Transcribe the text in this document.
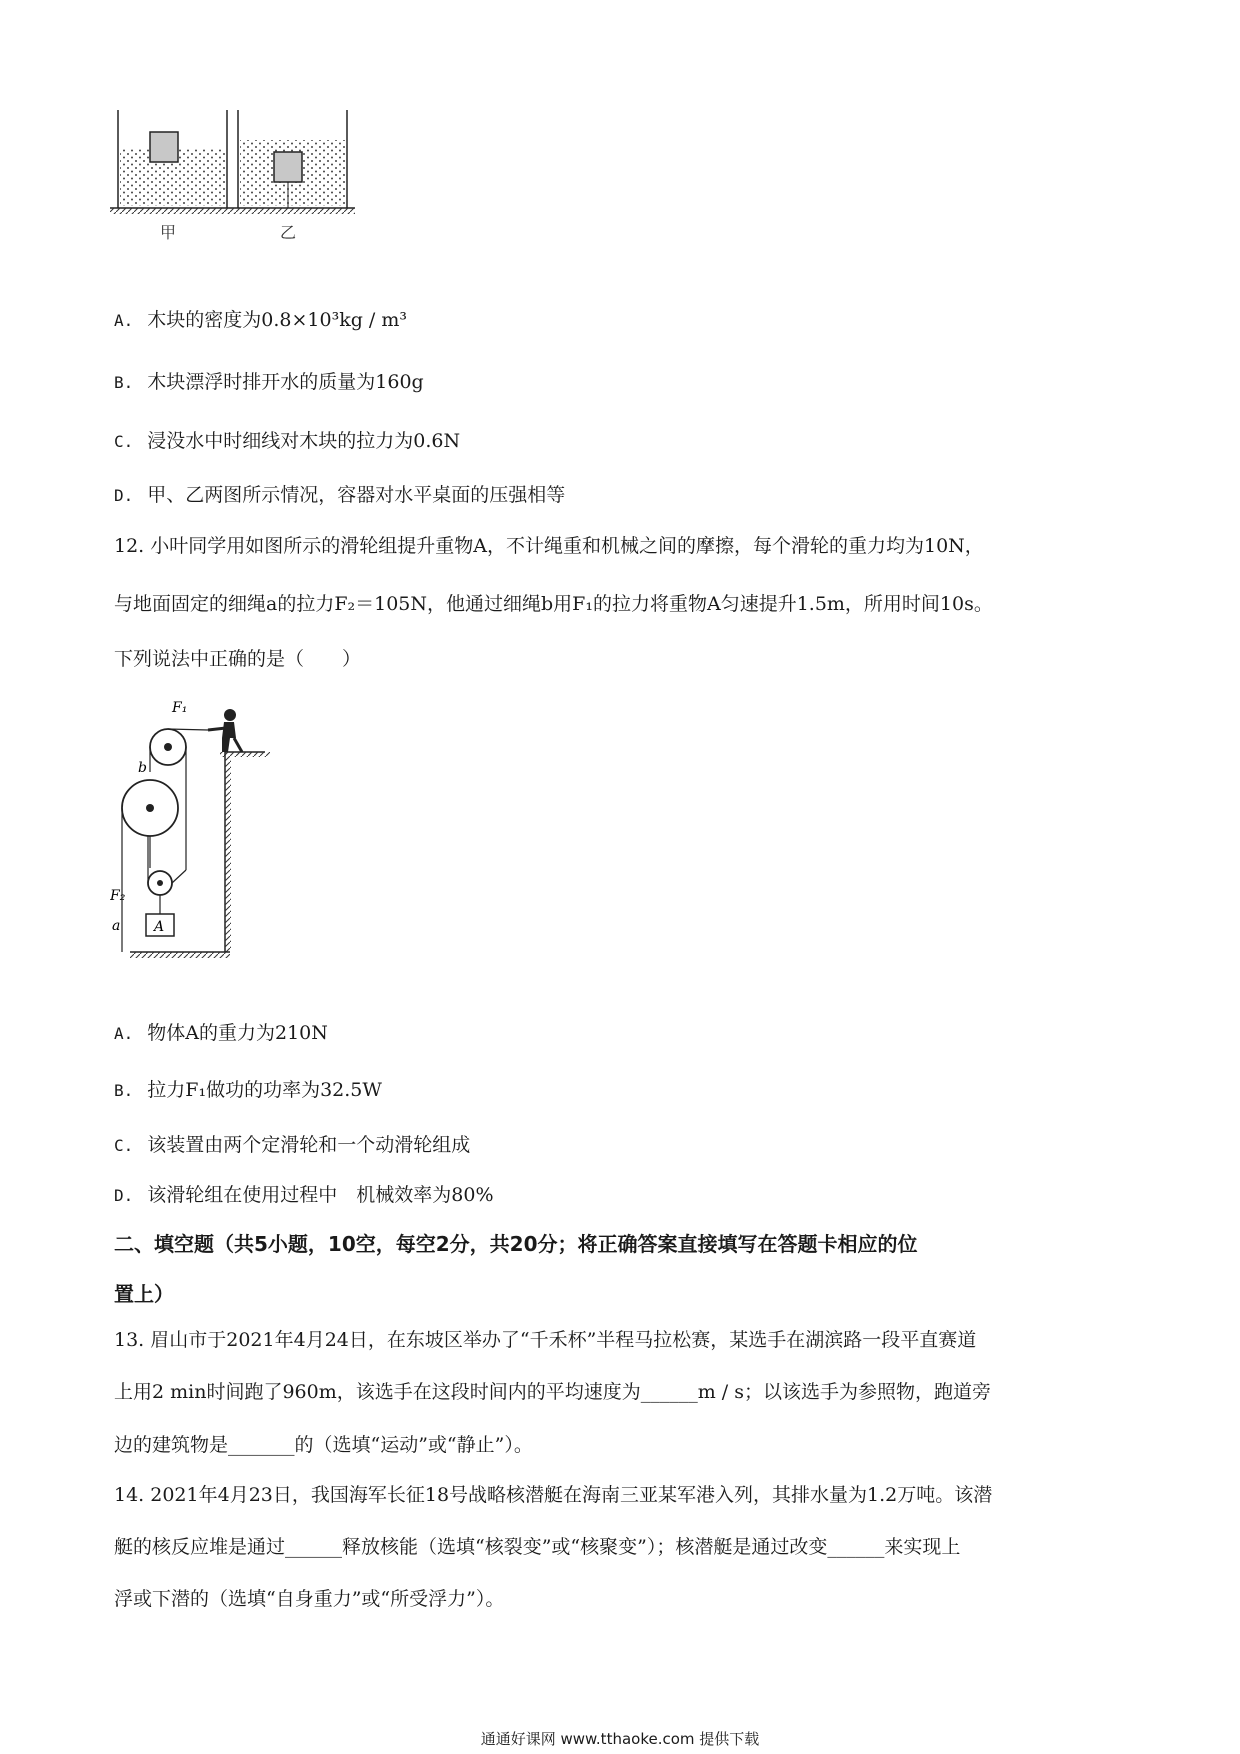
甲	乙
A. 木块的密度为0.8×10³kg / m³
B. 木块漂浮时排开水的质量为160g
C. 浸没水中时细线对木块的拉力为0.6N
D. 甲、乙两图所示情况，容器对水平桌面的压强相等
12. 小叶同学用如图所示的滑轮组提升重物A，不计绳重和机械之间的摩擦，每个滑轮的重力均为10N，
与地面固定的细绳a的拉力F₂＝105N，他通过细绳b用F₁的拉力将重物A匀速提升1.5m，所用时间10s。
下列说法中正确的是（　　）
A
F₁
b
F₂
a
A. 物体A的重力为210N
B. 拉力F₁做功的功率为32.5W
C. 该装置由两个定滑轮和一个动滑轮组成
D. 该滑轮组在使用过程中　机械效率为80%
二、填空题（共5小题，10空，每空2分，共20分；将正确答案直接填写在答题卡相应的位
置上）
13. 眉山市于2021年4月24日，在东坡区举办了“千禾杯”半程马拉松赛，某选手在湖滨路一段平直赛道
上用2 min时间跑了960m，该选手在这段时间内的平均速度为______m / s；以该选手为参照物，跑道旁
边的建筑物是_______的（选填“运动”或“静止”）。
14. 2021年4月23日，我国海军长征18号战略核潜艇在海南三亚某军港入列，其排水量为1.2万吨。该潜
艇的核反应堆是通过______释放核能（选填“核裂变”或“核聚变”）；核潜艇是通过改变______来实现上
浮或下潜的（选填“自身重力”或“所受浮力”）。
通通好课网 www.tthaoke.com 提供下载
